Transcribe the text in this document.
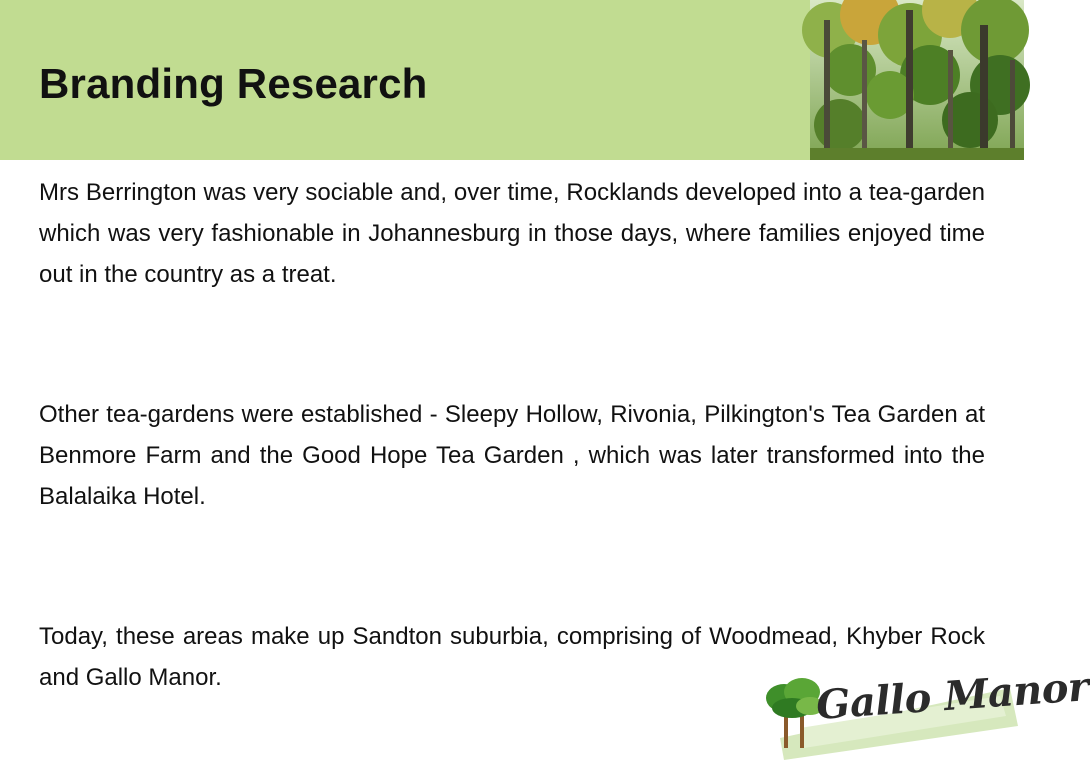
Branding Research

Mrs Berrington was very sociable and, over time, Rocklands developed into a tea-garden which was very fashionable in Johannesburg in those days, where families enjoyed time out in the country as a treat.

Other tea-gardens were established - Sleepy Hollow, Rivonia, Pilkington's Tea Garden at Benmore Farm and the Good Hope Tea Garden , which was later transformed into the Balalaika Hotel.

Today, these areas make up Sandton suburbia, comprising of Woodmead, Khyber Rock and Gallo Manor.	Gallo Manor
